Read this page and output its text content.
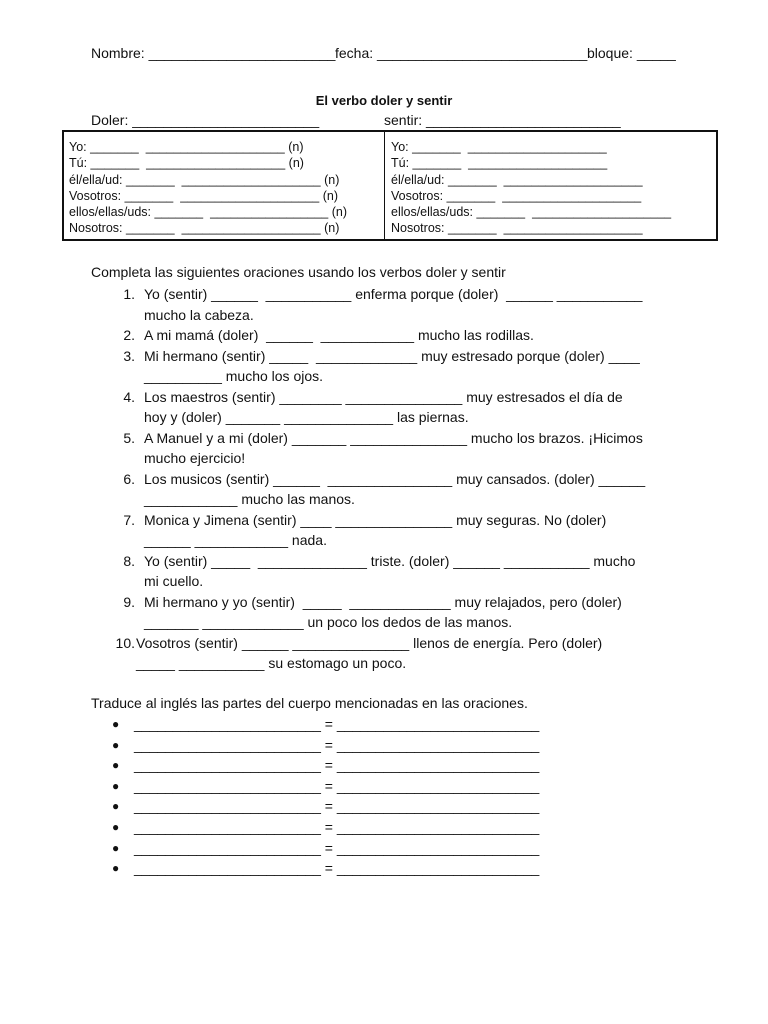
Nombre: ________________________ fecha: ___________________________ bloque: _____
El verbo doler y sentir
Doler: ________________________	sentir: _________________________
Yo: _______  ____________________ (n)
Tú: _______  ____________________ (n)
él/ella/ud: _______  ____________________ (n)
Vosotros: _______  ____________________ (n)
ellos/ellas/uds: _______  _________________ (n)
Nosotros: _______  ____________________ (n)
Yo: _______  ____________________
Tú: _______  ____________________
él/ella/ud: _______  ____________________
Vosotros: _______  ____________________
ellos/ellas/uds: _______  ____________________
Nosotros: _______  ____________________
Completa las siguientes oraciones usando los verbos doler y sentir
1. Yo (sentir) ______  ___________ enferma porque (doler)  ______ ___________
mucho la cabeza.
2. A mi mamá (doler)  ______  ____________ mucho las rodillas.
3. Mi hermano (sentir) _____  _____________ muy estresado porque (doler) ____
__________ mucho los ojos.
4. Los maestros (sentir) ________ _______________ muy estresados el día de
hoy y (doler) _______ ______________ las piernas.
5. A Manuel y a mi (doler) _______ _______________ mucho los brazos. ¡Hicimos
mucho ejercicio!
6. Los musicos (sentir) ______  ________________ muy cansados. (doler) ______
____________ mucho las manos.
7. Monica y Jimena (sentir) ____ _______________ muy seguras. No (doler)
______ ____________ nada.
8. Yo (sentir) _____  ______________ triste. (doler) ______ ___________ mucho
mi cuello.
9. Mi hermano y yo (sentir)  _____  _____________ muy relajados, pero (doler)
_______ _____________ un poco los dedos de las manos.
10. Vosotros (sentir) ______ _______________ llenos de energía. Pero (doler)
_____ ___________ su estomago un poco.
Traduce al inglés las partes del cuerpo mencionadas en las oraciones.
●	________________________ = __________________________
●	________________________ = __________________________
●	________________________ = __________________________
●	________________________ = __________________________
●	________________________ = __________________________
●	________________________ = __________________________
●	________________________ = __________________________
●	________________________ = __________________________
